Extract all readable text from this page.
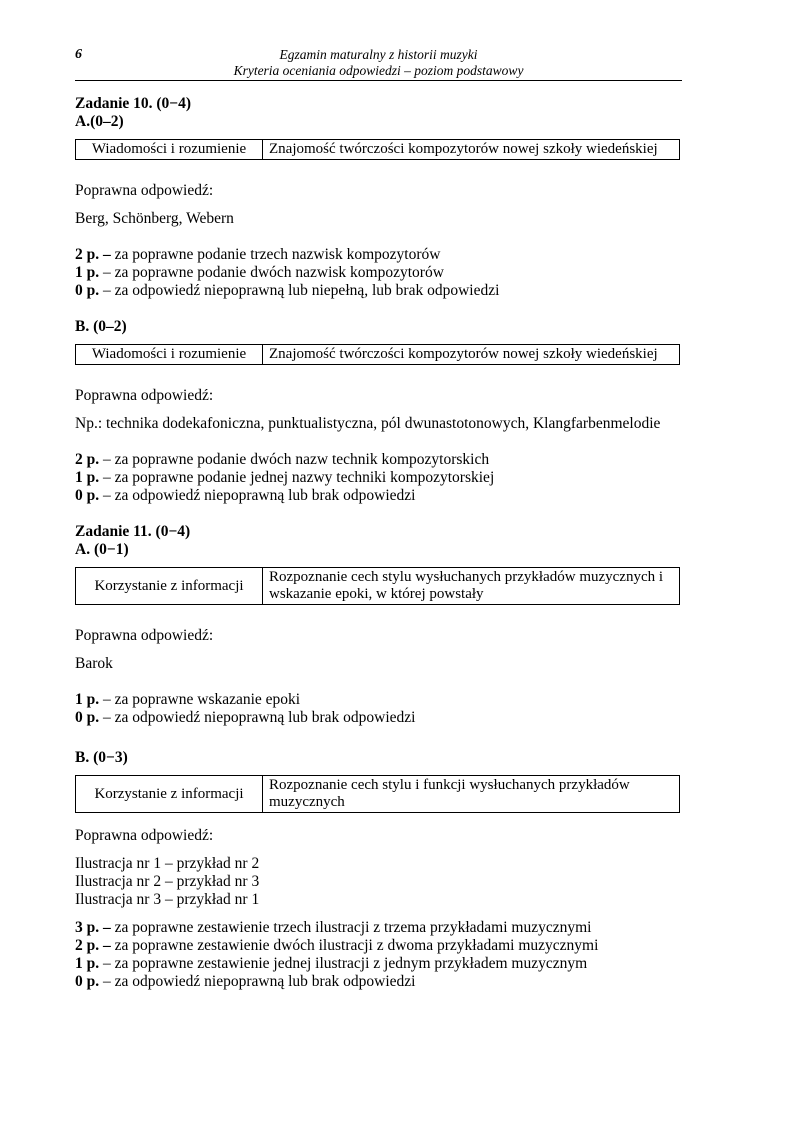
6	Egzamin maturalny z historii muzyki
Kryteria oceniania odpowiedzi – poziom podstawowy
Zadanie 10. (0−4)
A.(0–2)
Wiadomości i rozumienie	Znajomość twórczości kompozytorów nowej szkoły wiedeńskiej
Poprawna odpowiedź:
Berg, Schönberg, Webern
2 p. – za poprawne podanie trzech nazwisk kompozytorów
1 p. – za poprawne podanie dwóch nazwisk kompozytorów
0 p. – za odpowiedź niepoprawną lub niepełną, lub brak odpowiedzi
B. (0–2)
Wiadomości i rozumienie	Znajomość twórczości kompozytorów nowej szkoły wiedeńskiej
Poprawna odpowiedź:
Np.: technika dodekafoniczna, punktualistyczna, pól dwunastotonowych, Klangfarbenmelodie
2 p. – za poprawne podanie dwóch nazw technik kompozytorskich
1 p. – za poprawne podanie jednej nazwy techniki kompozytorskiej
0 p. – za odpowiedź niepoprawną lub brak odpowiedzi
Zadanie 11. (0−4)
A. (0−1)
Korzystanie z informacji	Rozpoznanie cech stylu wysłuchanych przykładów muzycznych i wskazanie epoki, w której powstały
Poprawna odpowiedź:
Barok
1 p. – za poprawne wskazanie epoki
0 p. – za odpowiedź niepoprawną lub brak odpowiedzi
B. (0−3)
Korzystanie z informacji	Rozpoznanie cech stylu i funkcji wysłuchanych przykładów muzycznych
Poprawna odpowiedź:
Ilustracja nr 1 – przykład nr 2
Ilustracja nr 2 – przykład nr 3
Ilustracja nr 3 – przykład nr 1
3 p. – za poprawne zestawienie trzech ilustracji z trzema przykładami muzycznymi
2 p. – za poprawne zestawienie dwóch ilustracji z dwoma przykładami muzycznymi
1 p. – za poprawne zestawienie jednej ilustracji z jednym przykładem muzycznym
0 p. – za odpowiedź niepoprawną lub brak odpowiedzi
